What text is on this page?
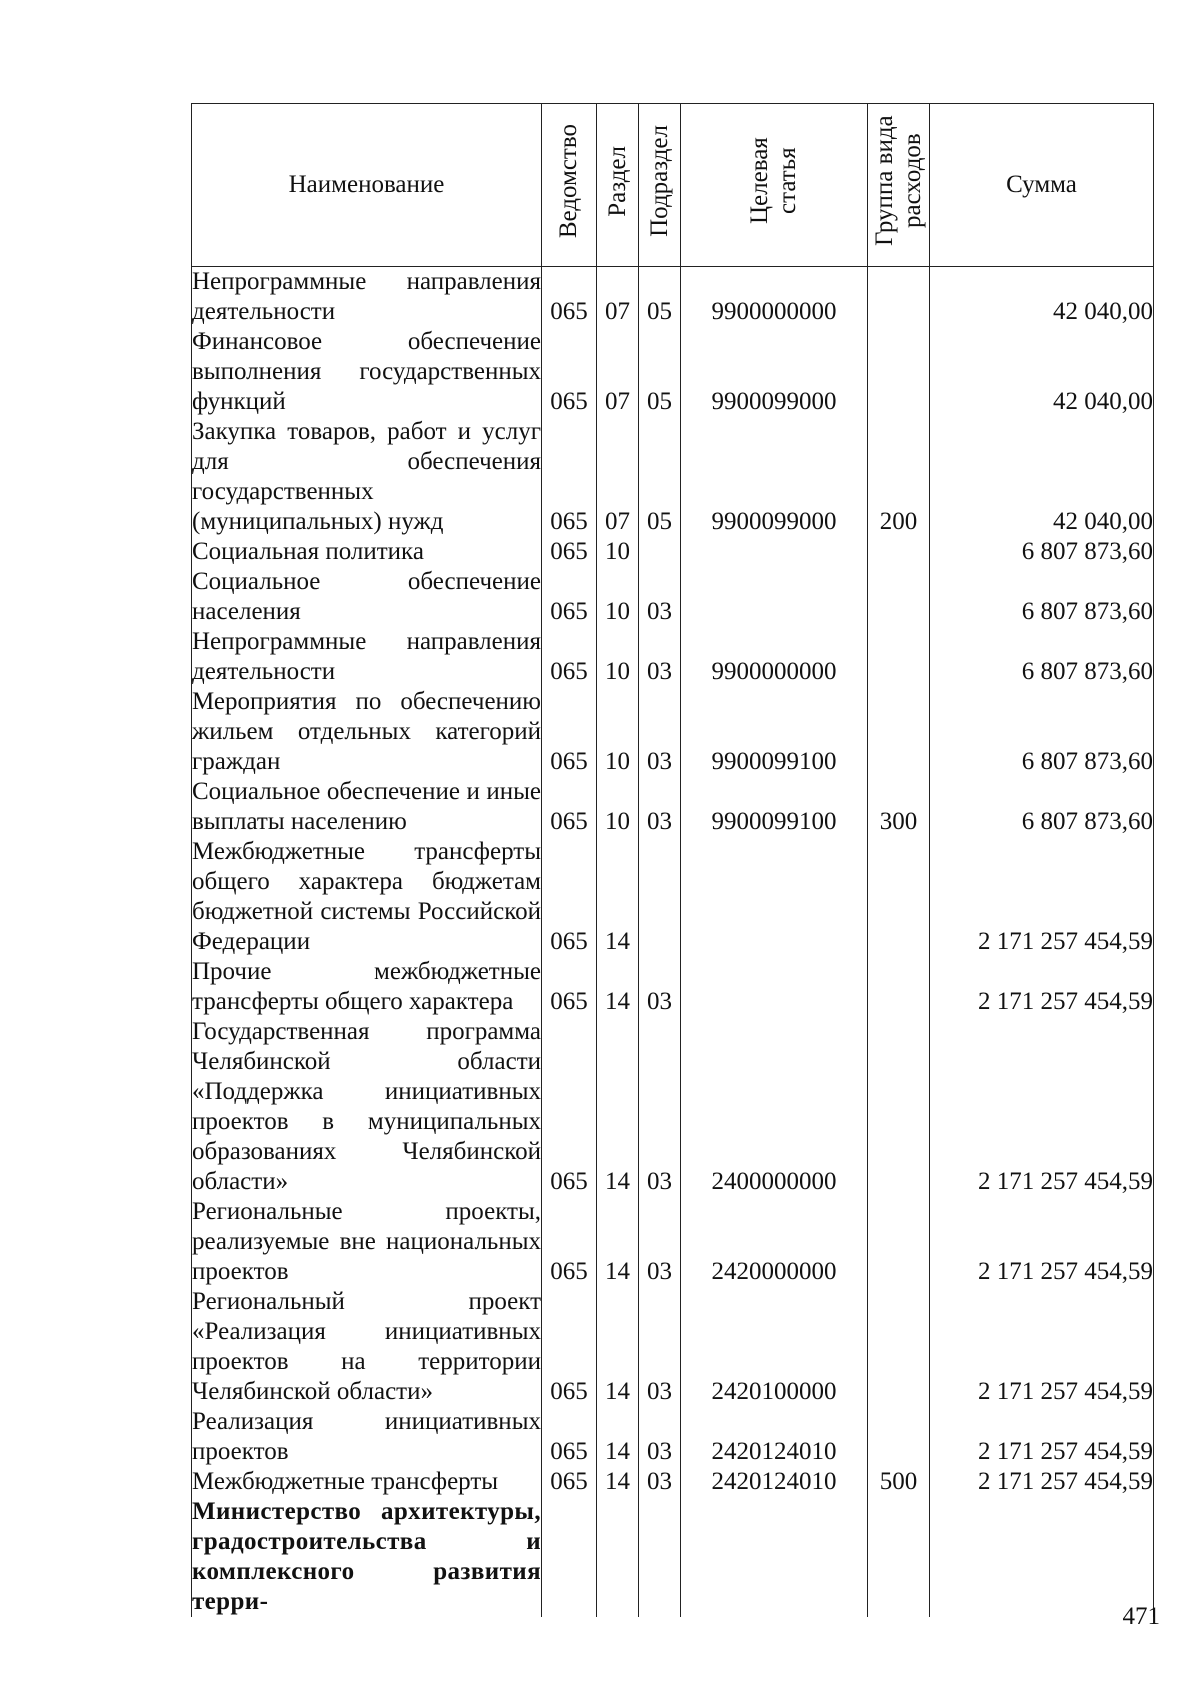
Наименование	Ведомство	Раздел	Подраздел	Целевая статья	Группа вида расходов	Сумма
Непрограммные направления деятельности	065	07	05	9900000000		42 040,00
Финансовое обеспечение выполнения государственных функций	065	07	05	9900099000		42 040,00
Закупка товаров, работ и услуг для обеспечения государственных (муниципальных) нужд	065	07	05	9900099000	200	42 040,00
Социальная политика	065	10				6 807 873,60
Социальное обеспечение населения	065	10	03			6 807 873,60
Непрограммные направления деятельности	065	10	03	9900000000		6 807 873,60
Мероприятия по обеспечению жильем отдельных категорий граждан	065	10	03	9900099100		6 807 873,60
Социальное обеспечение и иные выплаты населению	065	10	03	9900099100	300	6 807 873,60
Межбюджетные трансферты общего характера бюджетам бюджетной системы Российской Федерации	065	14				2 171 257 454,59
Прочие межбюджетные трансферты общего характера	065	14	03			2 171 257 454,59
Государственная программа Челябинской области «Поддержка инициативных проектов в муниципальных образованиях Челябинской области»	065	14	03	2400000000		2 171 257 454,59
Региональные проекты, реализуемые вне национальных проектов	065	14	03	2420000000		2 171 257 454,59
Региональный проект «Реализация инициативных проектов на территории Челябинской области»	065	14	03	2420100000		2 171 257 454,59
Реализация инициативных проектов	065	14	03	2420124010		2 171 257 454,59
Межбюджетные трансферты	065	14	03	2420124010	500	2 171 257 454,59
Министерство архитектуры, градостроительства и комплексного развития терри-						
471
